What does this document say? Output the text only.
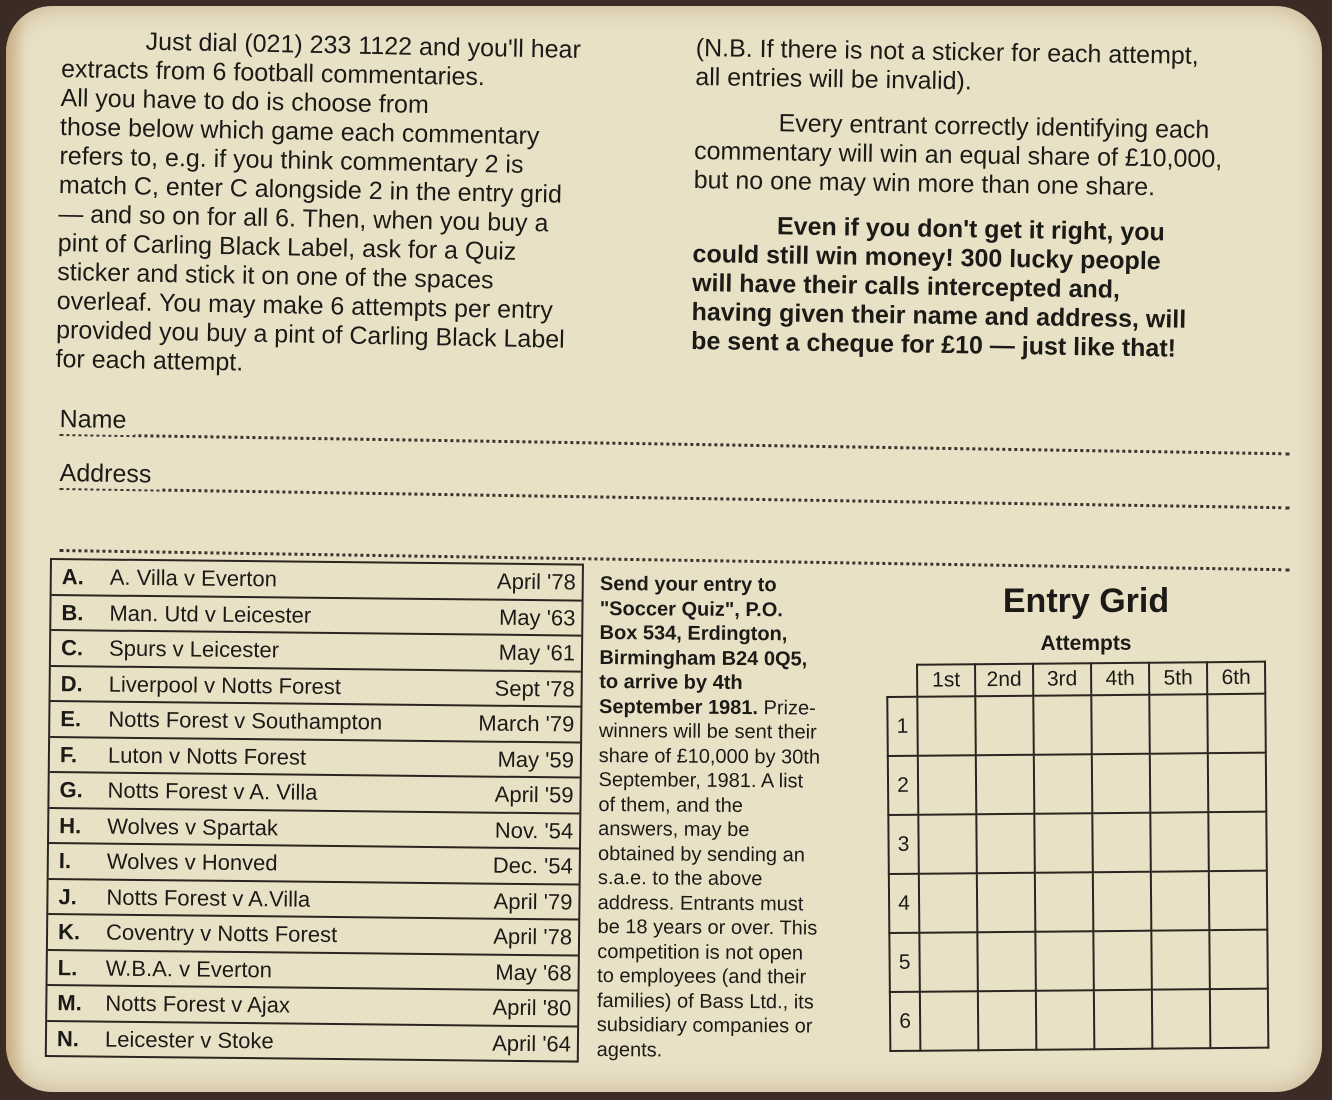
Just dial (021) 233 1122 and you'll hear
extracts from 6 football commentaries.
All you have to do is choose from
those below which game each commentary
refers to, e.g. if you think commentary 2 is
match C, enter C alongside 2 in the entry grid
— and so on for all 6. Then, when you buy a
pint of Carling Black Label, ask for a Quiz
sticker and stick it on one of the spaces
overleaf. You may make 6 attempts per entry
provided you buy a pint of Carling Black Label
for each attempt.

(N.B. If there is not a sticker for each attempt,
all entries will be invalid).

Every entrant correctly identifying each
commentary will win an equal share of £10,000,
but no one may win more than one share.

Even if you don't get it right, you
could still win money! 300 lucky people
will have their calls intercepted and,
having given their name and address, will
be sent a cheque for £10 — just like that!

Name
Address
A. A. Villa v Everton	April '78
B. Man. Utd v Leicester	May '63
C. Spurs v Leicester	May '61
D. Liverpool v Notts Forest	Sept '78
E. Notts Forest v Southampton	March '79
F. Luton v Notts Forest	May '59
G. Notts Forest v A. Villa	April '59
H. Wolves v Spartak	Nov. '54
I. Wolves v Honved	Dec. '54
J. Notts Forest v A.Villa	April '79
K. Coventry v Notts Forest	April '78
L. W.B.A. v Everton	May '68
M. Notts Forest v Ajax	April '80
N. Leicester v Stoke	April '64
Send your entry to
"Soccer Quiz", P.O.
Box 534, Erdington,
Birmingham B24 0Q5,
to arrive by 4th
September 1981. Prize-
winners will be sent their
share of £10,000 by 30th
September, 1981. A list
of them, and the
answers, may be
obtained by sending an
s.a.e. to the above
address. Entrants must
be 18 years or over. This
competition is not open
to employees (and their
families) of Bass Ltd., its
subsidiary companies or
agents.
Entry Grid
Attempts
	1st	2nd	3rd	4th	5th	6th
1						
2						
3						
4						
5						
6						
